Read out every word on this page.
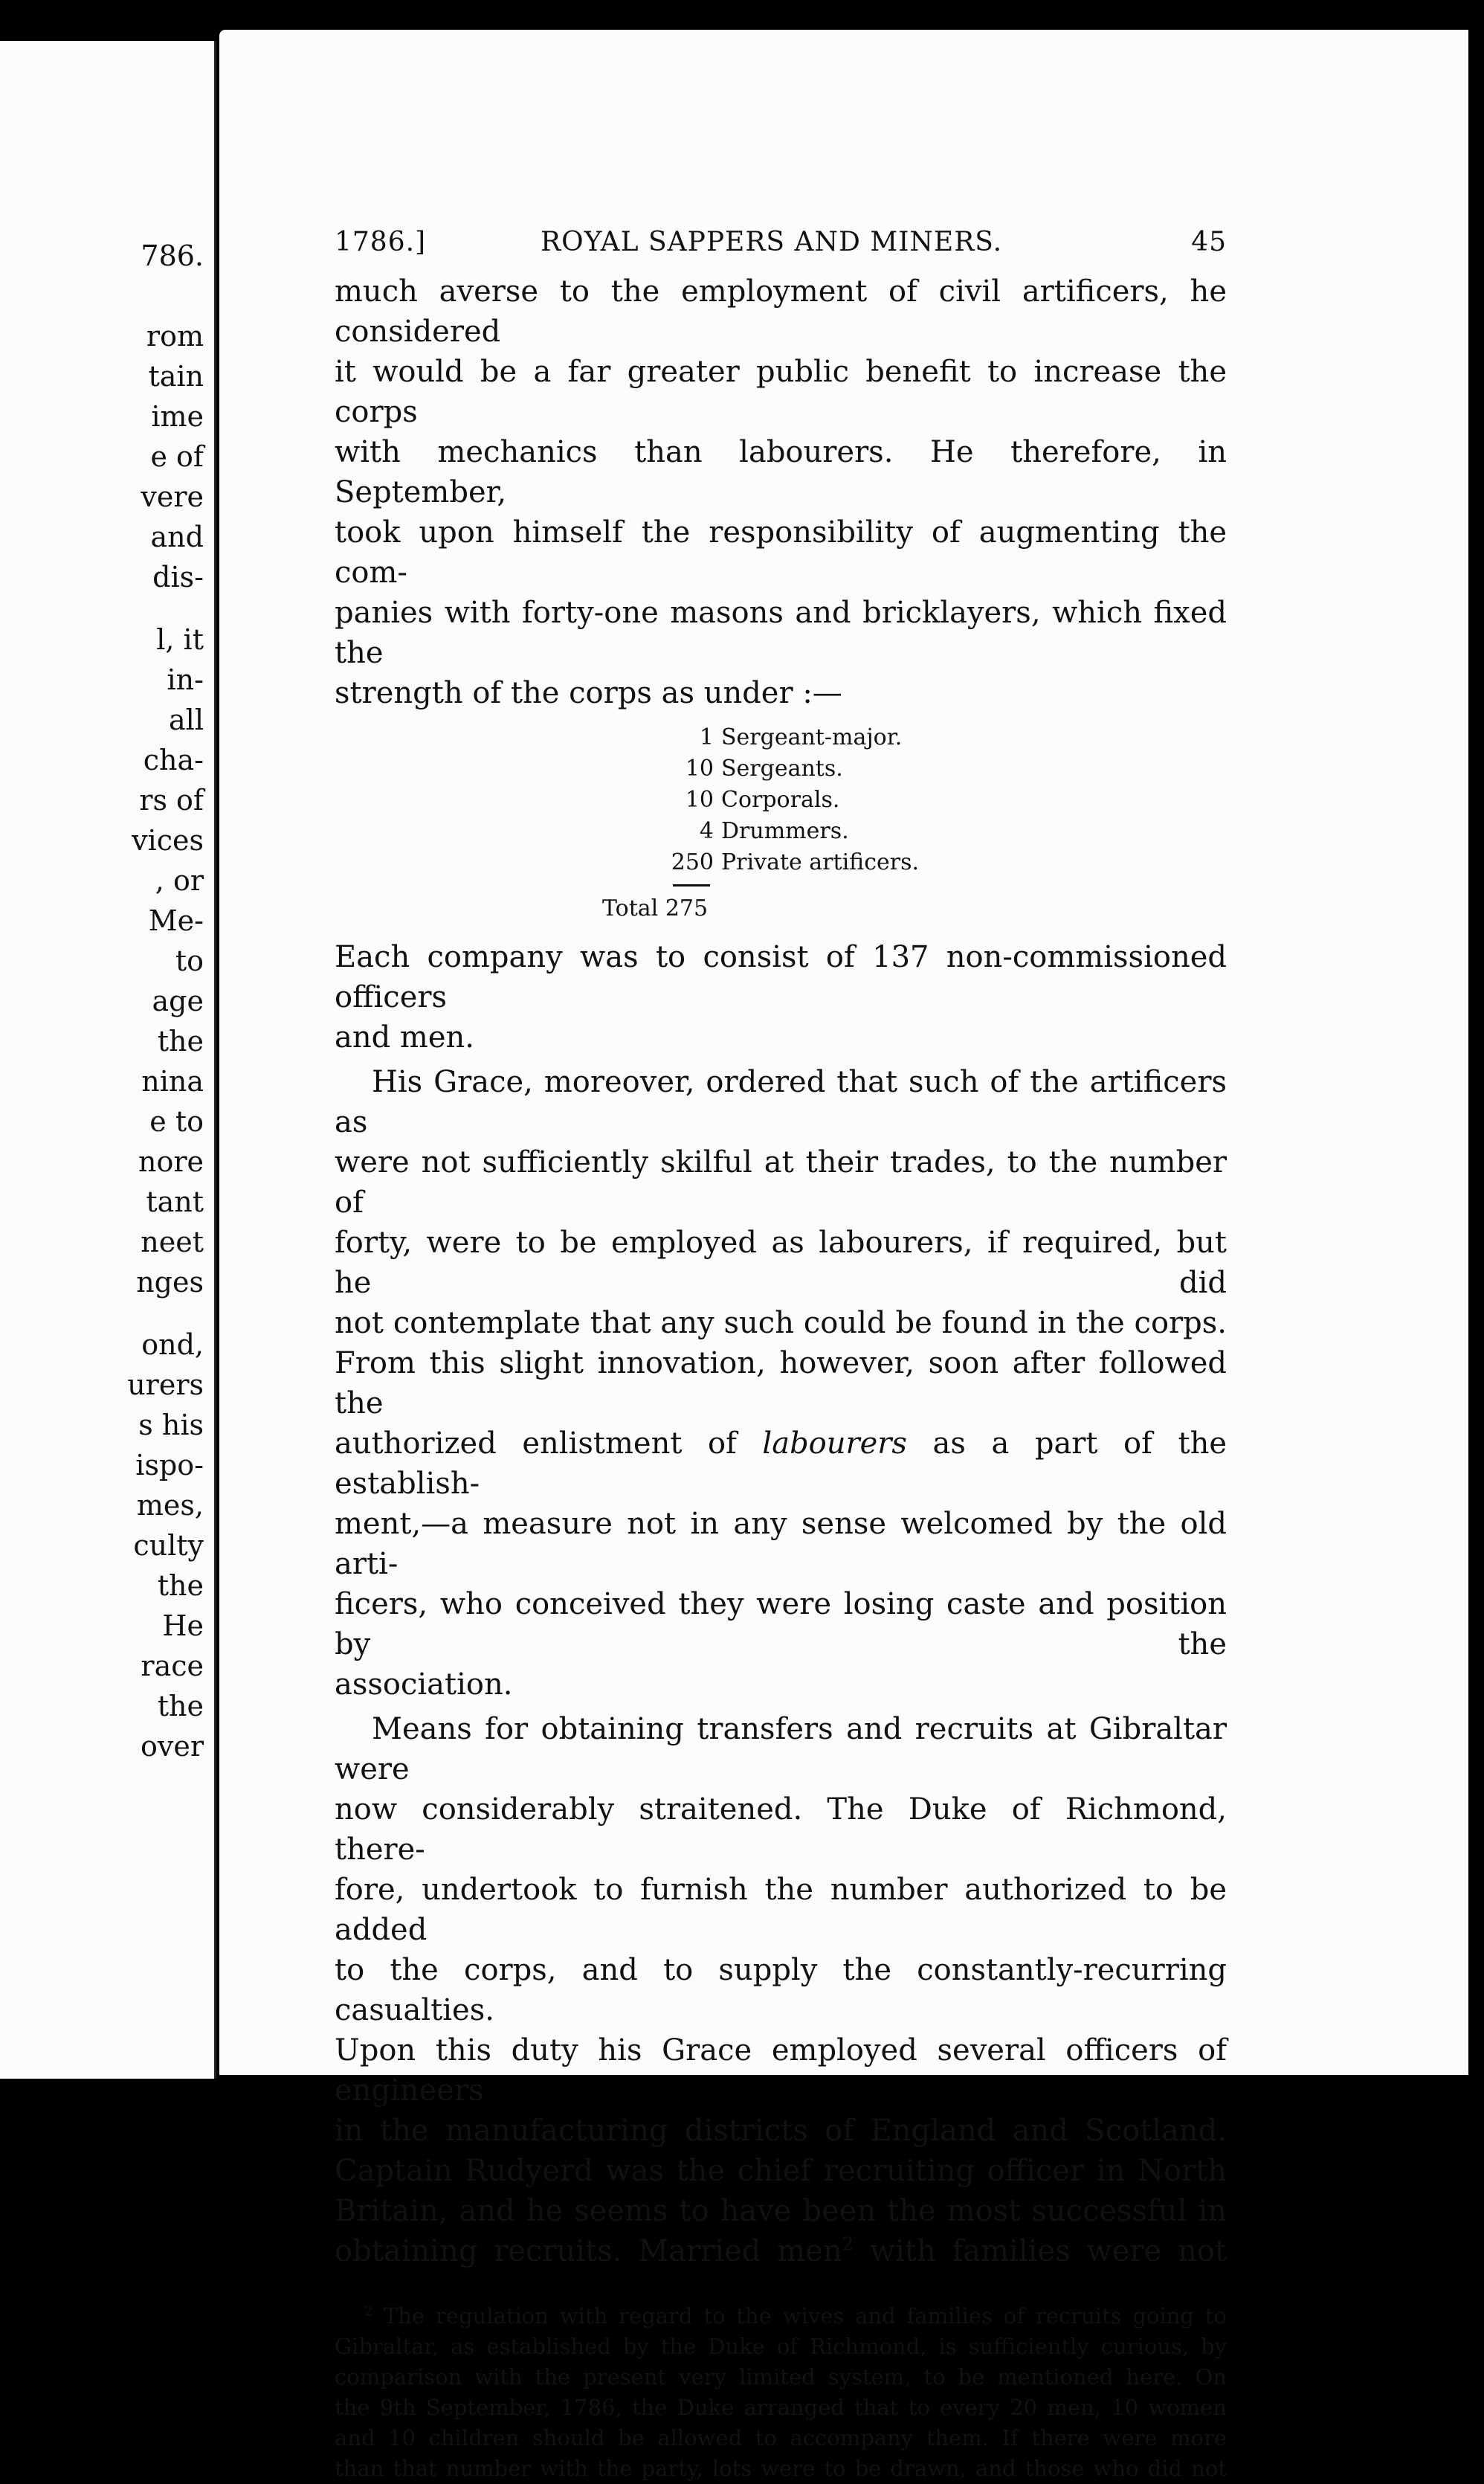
786.
rom
tain
ime
e of
vere
and
dis-
l, it
in-
all
cha-
rs of
vices
, or
Me-
to
age
the
nina
e to
nore
tant
neet
nges
ond,
urers
s his
ispo-
mes,
culty
the
He
race
the
over
1786.]	ROYAL SAPPERS AND MINERS.	45

much averse to the employment of civil artificers, he considered
it would be a far greater public benefit to increase the corps
with mechanics than labourers. He therefore, in September,
took upon himself the responsibility of augmenting the com-
panies with forty-one masons and bricklayers, which fixed the
strength of the corps as under :—

1 Sergeant-major.
10 Sergeants.
10 Corporals.
4 Drummers.
250 Private artificers.
Total 275

Each company was to consist of 137 non-commissioned officers
and men.

His Grace, moreover, ordered that such of the artificers as
were not sufficiently skilful at their trades, to the number of
forty, were to be employed as labourers, if required, but he did
not contemplate that any such could be found in the corps.
From this slight innovation, however, soon after followed the
authorized enlistment of labourers as a part of the establish-
ment,—a measure not in any sense welcomed by the old arti-
ficers, who conceived they were losing caste and position by the
association.

Means for obtaining transfers and recruits at Gibraltar were
now considerably straitened. The Duke of Richmond, there-
fore, undertook to furnish the number authorized to be added
to the corps, and to supply the constantly-recurring casualties.
Upon this duty his Grace employed several officers of engineers
in the manufacturing districts of England and Scotland.
Captain Rudyerd was the chief recruiting officer in North
Britain, and he seems to have been the most successful in
obtaining recruits. Married men$^2$ with families were not

$^2$ The regulation with regard to the wives and families of recruits going to
Gibraltar, as established by the Duke of Richmond, is sufficiently curious, by
comparison with the present very limited system, to be mentioned here. On
the 9th September, 1786, the Duke arranged that to every 20 men, 10 women
and 10 children should be allowed to accompany them. If there were more
than that number with the party, lots were to be drawn, and those who did not
